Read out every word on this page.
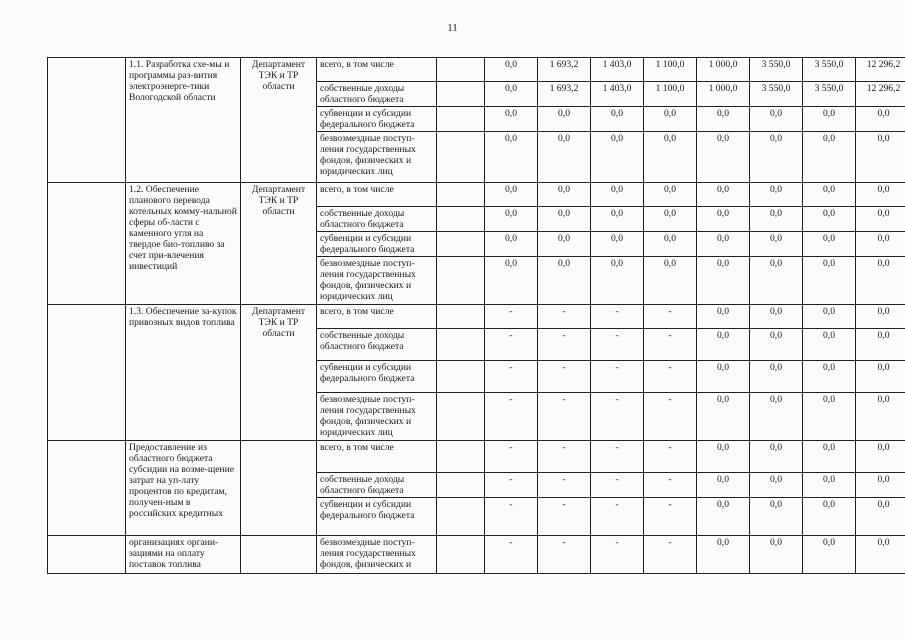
11

	1.1. Разработка схе-мы и программы раз-вития электроэнерге-тики Вологодской области	Департамент ТЭК и ТР области	всего, в том числе		0,0	1 693,2	1 403,0	1 100,0	1 000,0	3 550,0	3 550,0	12 296,2
			собственные доходы областного бюджета		0,0	1 693,2	1 403,0	1 100,0	1 000,0	3 550,0	3 550,0	12 296,2
			субвенции и субсидии федерального бюджета		0,0	0,0	0,0	0,0	0,0	0,0	0,0	0,0
			безвозмездные поступ-ления государственных фондов, физических и юридических лиц		0,0	0,0	0,0	0,0	0,0	0,0	0,0	0,0

	1.2. Обеспечение планового перевода котельных комму-нальной сферы об-ласти с каменного угля на твердое био-топливо за счет при-влечения инвестиций	Департамент ТЭК и ТР области	всего, в том числе		0,0	0,0	0,0	0,0	0,0	0,0	0,0	0,0
			собственные доходы областного бюджета		0,0	0,0	0,0	0,0	0,0	0,0	0,0	0,0
			субвенции и субсидии федерального бюджета		0,0	0,0	0,0	0,0	0,0	0,0	0,0	0,0
			безвозмездные поступ-ления государственных фондов, физических и юридических лиц		0,0	0,0	0,0	0,0	0,0	0,0	0,0	0,0

	1.3. Обеспечение за-купок привозных видов топлива	Департамент ТЭК и ТР области	всего, в том числе		-	-	-	-	0,0	0,0	0,0	0,0
			собственные доходы областного бюджета		-	-	-	-	0,0	0,0	0,0	0,0
			субвенции и субсидии федерального бюджета		-	-	-	-	0,0	0,0	0,0	0,0
			безвозмездные поступ-ления государственных фондов, физических и юридических лиц		-	-	-	-	0,0	0,0	0,0	0,0

	Предоставление из областного бюджета субсидии на возме-щение затрат на уп-лату процентов по кредитам, получен-ным в российских кредитных		всего, в том числе		-	-	-	-	0,0	0,0	0,0	0,0
			собственные доходы областного бюджета		-	-	-	-	0,0	0,0	0,0	0,0
			субвенции и субсидии федерального бюджета		-	-	-	-	0,0	0,0	0,0	0,0

	организациях органи-зациями на оплату поставок топлива		безвозмездные поступ-ления государственных фондов, физических и		-	-	-	-	0,0	0,0	0,0	0,0
